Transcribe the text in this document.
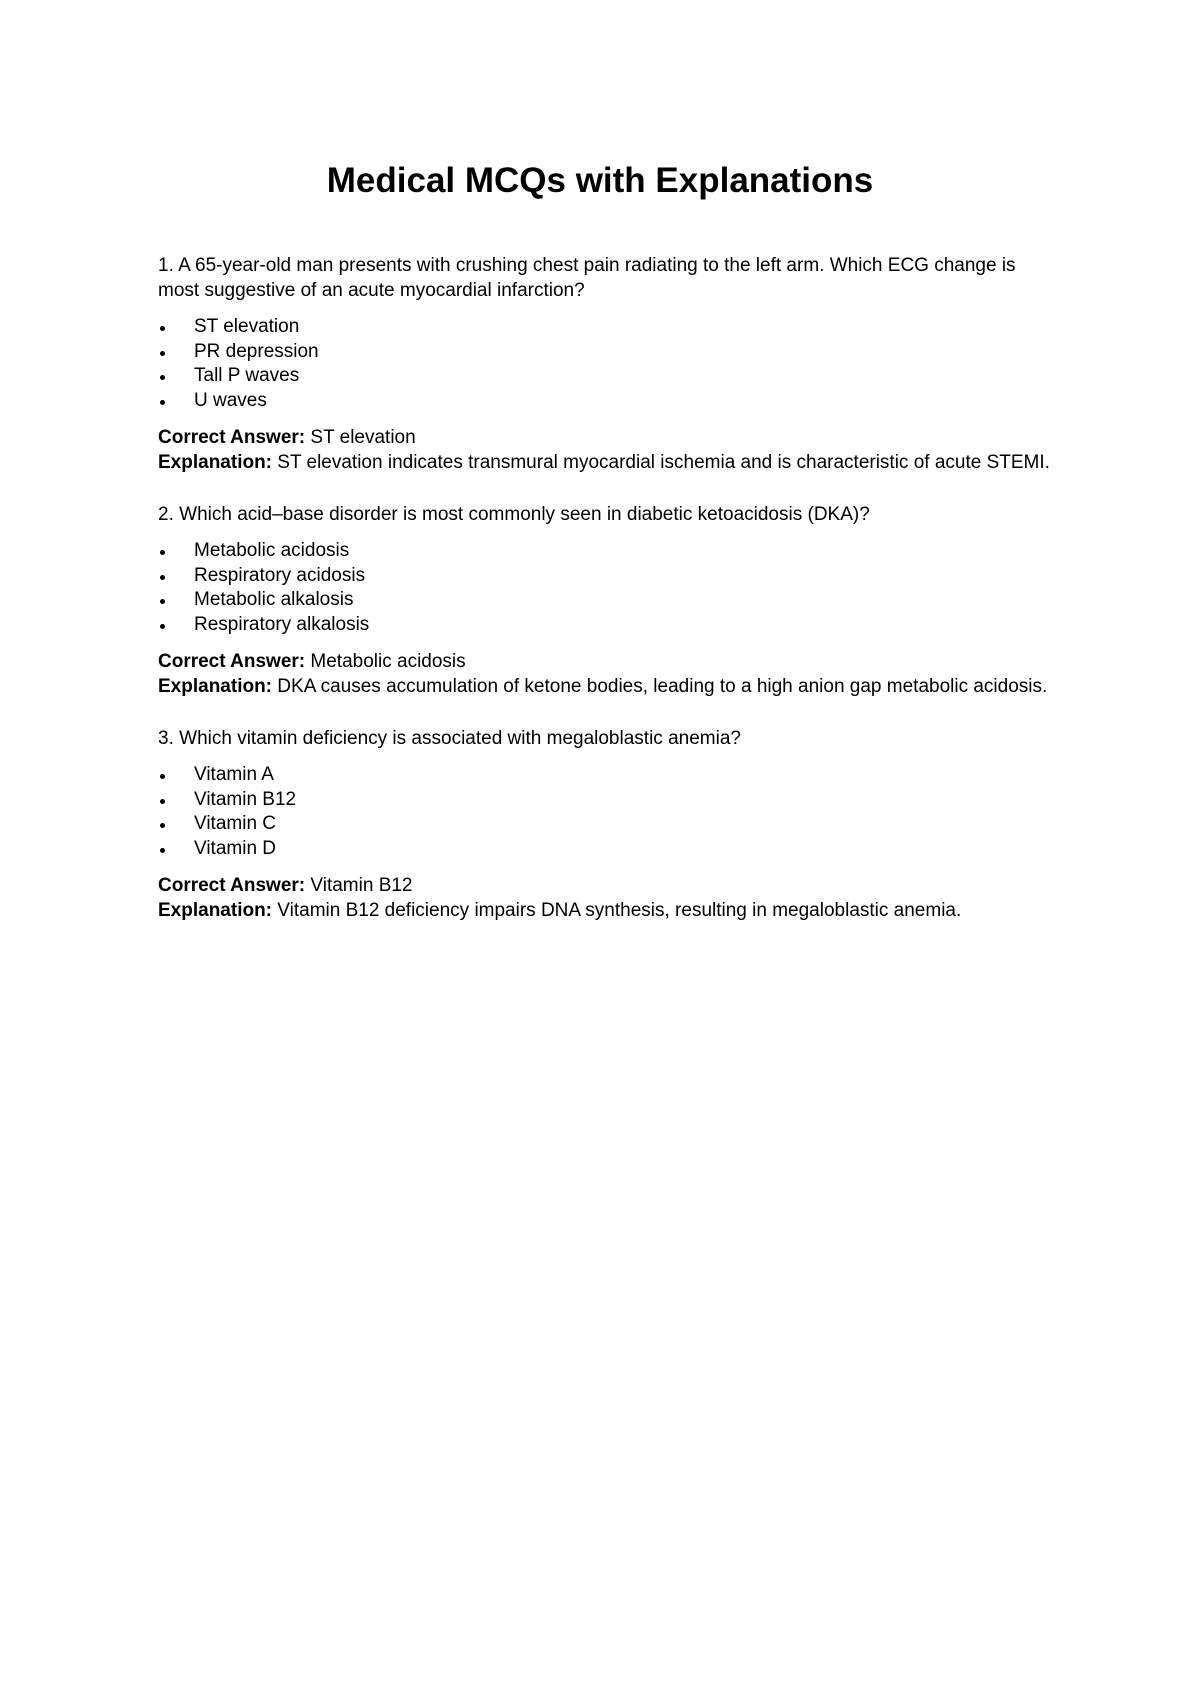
Medical MCQs with Explanations

1. A 65-year-old man presents with crushing chest pain radiating to the left arm. Which ECG change is most suggestive of an acute myocardial infarction?

ST elevation
PR depression
Tall P waves
U waves

Correct Answer: ST elevation

Explanation: ST elevation indicates transmural myocardial ischemia and is characteristic of acute STEMI.

2. Which acid–base disorder is most commonly seen in diabetic ketoacidosis (DKA)?

Metabolic acidosis
Respiratory acidosis
Metabolic alkalosis
Respiratory alkalosis

Correct Answer: Metabolic acidosis

Explanation: DKA causes accumulation of ketone bodies, leading to a high anion gap metabolic acidosis.

3. Which vitamin deficiency is associated with megaloblastic anemia?

Vitamin A
Vitamin B12
Vitamin C
Vitamin D

Correct Answer: Vitamin B12

Explanation: Vitamin B12 deficiency impairs DNA synthesis, resulting in megaloblastic anemia.
